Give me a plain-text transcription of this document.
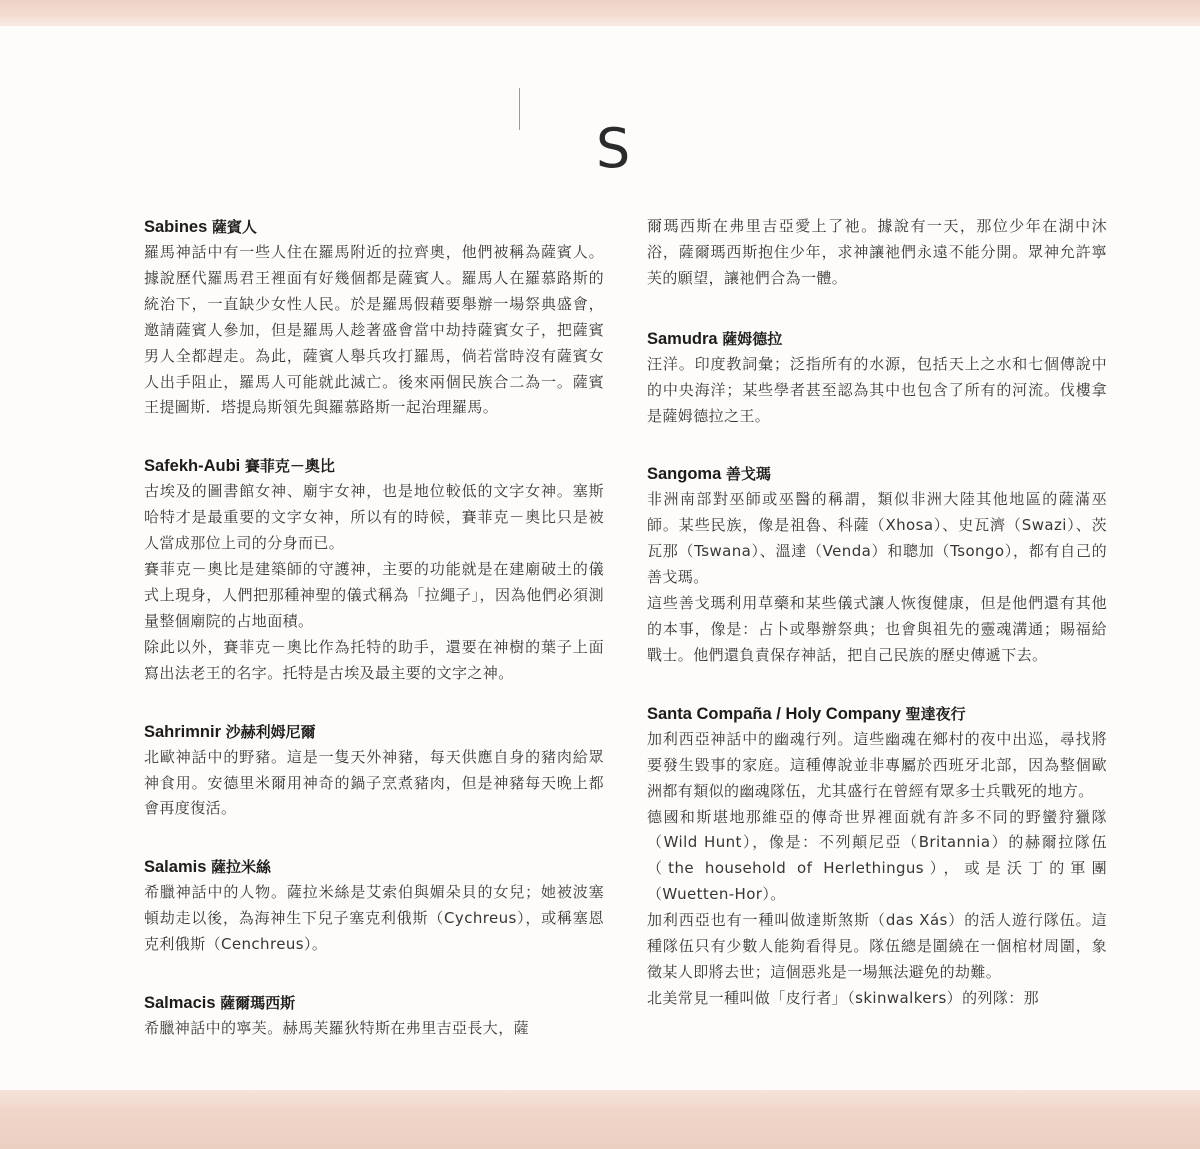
S
Sabines 薩賓人

羅馬神話中有一些人住在羅馬附近的拉齊奧，他們被稱為薩賓人。據說歷代羅馬君王裡面有好幾個都是薩賓人。羅馬人在羅慕路斯的統治下，一直缺少女性人民。於是羅馬假藉要舉辦一場祭典盛會，邀請薩賓人參加，但是羅馬人趁著盛會當中劫持薩賓女子，把薩賓男人全都趕走。為此，薩賓人舉兵攻打羅馬，倘若當時沒有薩賓女人出手阻止，羅馬人可能就此滅亡。後來兩個民族合二為一。薩賓王提圖斯．塔提烏斯領先與羅慕路斯一起治理羅馬。

Safekh-Aubi 賽菲克－奧比

古埃及的圖書館女神、廟宇女神，也是地位較低的文字女神。塞斯哈特才是最重要的文字女神，所以有的時候，賽菲克－奧比只是被人當成那位上司的分身而已。

賽菲克－奧比是建築師的守護神，主要的功能就是在建廟破土的儀式上現身，人們把那種神聖的儀式稱為「拉繩子」，因為他們必須測量整個廟院的占地面積。

除此以外，賽菲克－奧比作為托特的助手，還要在神樹的葉子上面寫出法老王的名字。托特是古埃及最主要的文字之神。

Sahrimnir 沙赫利姆尼爾

北歐神話中的野豬。這是一隻天外神豬，每天供應自身的豬肉給眾神食用。安德里米爾用神奇的鍋子烹煮豬肉，但是神豬每天晚上都會再度復活。

Salamis 薩拉米絲

希臘神話中的人物。薩拉米絲是艾索伯與媚朵貝的女兒；她被波塞頓劫走以後，為海神生下兒子塞克利俄斯（Cychreus），或稱塞恩克利俄斯（Cenchreus）。

Salmacis 薩爾瑪西斯

希臘神話中的寧芙。赫馬芙羅狄特斯在弗里吉亞長大，薩

爾瑪西斯在弗里吉亞愛上了祂。據說有一天，那位少年在湖中沐浴，薩爾瑪西斯抱住少年，求神讓祂們永遠不能分開。眾神允許寧芙的願望，讓祂們合為一體。

Samudra 薩姆德拉

汪洋。印度教詞彙；泛指所有的水源，包括天上之水和七個傳說中的中央海洋；某些學者甚至認為其中也包含了所有的河流。伐樓拿是薩姆德拉之王。

Sangoma 善戈瑪

非洲南部對巫師或巫醫的稱謂，類似非洲大陸其他地區的薩滿巫師。某些民族，像是祖魯、科薩（Xhosa）、史瓦濟（Swazi）、茨瓦那（Tswana）、溫達（Venda）和聰加（Tsongo），都有自己的善戈瑪。

這些善戈瑪利用草藥和某些儀式讓人恢復健康，但是他們還有其他的本事，像是：占卜或舉辦祭典；也會與祖先的靈魂溝通；賜福給戰士。他們還負責保存神話，把自己民族的歷史傳遞下去。

Santa Compaña / Holy Company 聖達夜行

加利西亞神話中的幽魂行列。這些幽魂在鄉村的夜中出巡，尋找將要發生毀事的家庭。這種傳說並非專屬於西班牙北部，因為整個歐洲都有類似的幽魂隊伍，尤其盛行在曾經有眾多士兵戰死的地方。

德國和斯堪地那維亞的傳奇世界裡面就有許多不同的野蠻狩獵隊（Wild Hunt），像是：不列顛尼亞（Britannia）的赫爾拉隊伍（the household of Herlethingus），或是沃丁的軍團（Wuetten-Hor）。

加利西亞也有一種叫做達斯煞斯（das Xás）的活人遊行隊伍。這種隊伍只有少數人能夠看得見。隊伍總是圍繞在一個棺材周圍，象徵某人即將去世；這個惡兆是一場無法避免的劫難。

北美常見一種叫做「皮行者」（skinwalkers）的列隊：那
